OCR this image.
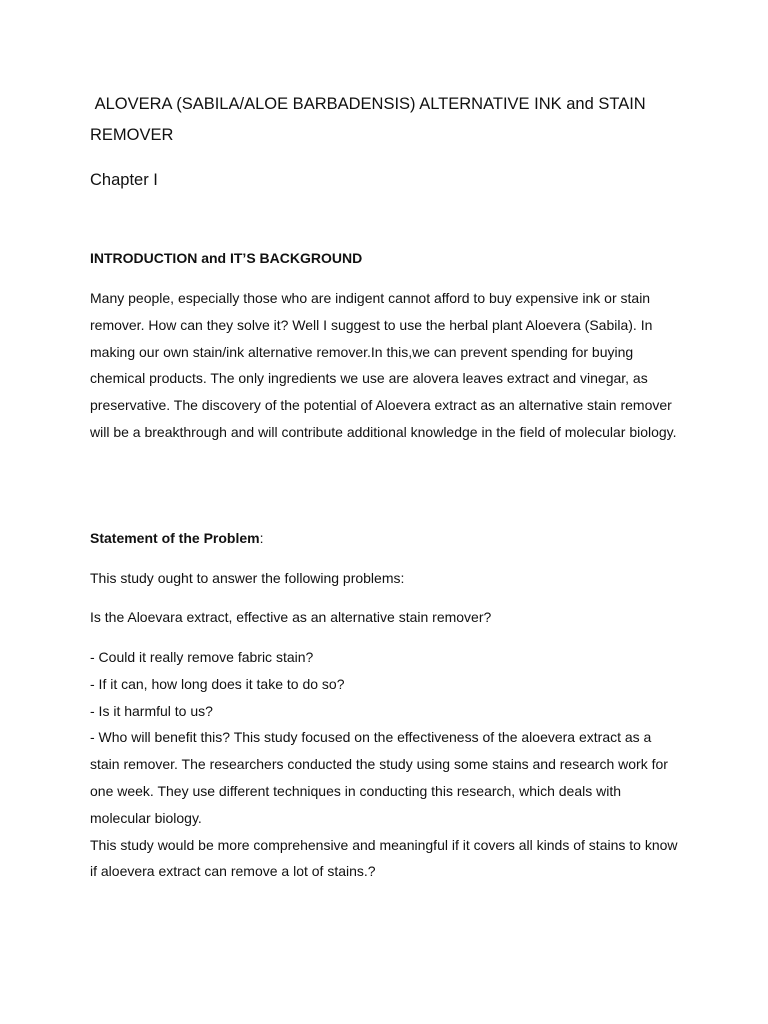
ALOVERA (SABILA/ALOE BARBADENSIS) ALTERNATIVE INK and STAIN REMOVER

Chapter I

INTRODUCTION and IT’S BACKGROUND

Many people, especially those who are indigent cannot afford to buy expensive ink or stain remover. How can they solve it? Well I suggest to use the herbal plant Aloevera (Sabila). In making our own stain/ink alternative remover.In this,we can prevent spending for buying chemical products. The only ingredients we use are alovera leaves extract and vinegar, as preservative. The discovery of the potential of Aloevera extract as an alternative stain remover will be a breakthrough and will contribute additional knowledge in the field of molecular biology.

Statement of the Problem:

This study ought to answer the following problems:

Is the Aloevara extract, effective as an alternative stain remover?

- Could it really remove fabric stain?
- If it can, how long does it take to do so?
- Is it harmful to us?
- Who will benefit this? This study focused on the effectiveness of the aloevera extract as a stain remover. The researchers conducted the study using some stains and research work for one week. They use different techniques in conducting this research, which deals with molecular biology.
This study would be more comprehensive and meaningful if it covers all kinds of stains to know if aloevera extract can remove a lot of stains.?
